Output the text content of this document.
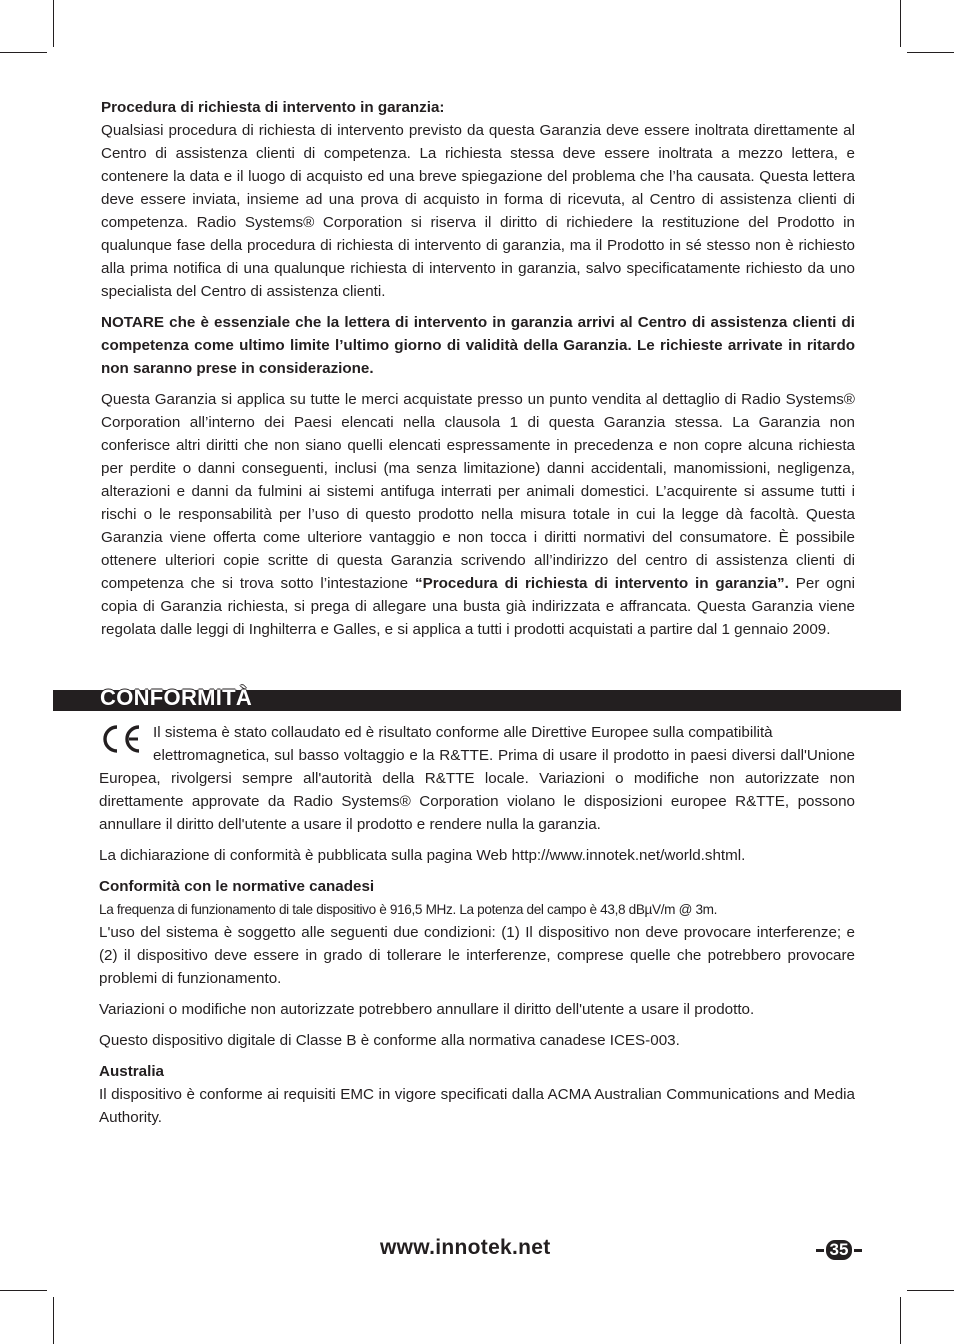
Procedura di richiesta di intervento in garanzia:

Qualsiasi procedura di richiesta di intervento previsto da questa Garanzia deve essere inoltrata direttamente al Centro di assistenza clienti di competenza. La richiesta stessa deve essere inoltrata a mezzo lettera, e contenere la data e il luogo di acquisto ed una breve spiegazione del problema che l’ha causata. Questa lettera deve essere inviata, insieme ad una prova di acquisto in forma di ricevuta, al Centro di assistenza clienti di competenza. Radio Systems® Corporation si riserva il diritto di richiedere la restituzione del Prodotto in qualunque fase della procedura di richiesta di intervento di garanzia, ma il Prodotto in sé stesso non è richiesto alla prima notifica di una qualunque richiesta di intervento in garanzia, salvo specificatamente richiesto da uno specialista del Centro di assistenza clienti.

NOTARE che è essenziale che la lettera di intervento in garanzia arrivi al Centro di assistenza clienti di competenza come ultimo limite l’ultimo giorno di validità della Garanzia. Le richieste arrivate in ritardo non saranno prese in considerazione.

Questa Garanzia si applica su tutte le merci acquistate presso un punto vendita al dettaglio di Radio Systems® Corporation all’interno dei Paesi elencati nella clausola 1 di questa Garanzia stessa. La Garanzia non conferisce altri diritti che non siano quelli elencati espressamente in precedenza e non copre alcuna richiesta per perdite o danni conseguenti, inclusi (ma senza limitazione) danni accidentali, manomissioni, negligenza, alterazioni e danni da fulmini ai sistemi antifuga interrati per animali domestici. L’acquirente si assume tutti i rischi o le responsabilità per l’uso di questo prodotto nella misura totale in cui la legge dà facoltà. Questa Garanzia viene offerta come ulteriore vantaggio e non tocca i diritti normativi del consumatore. È possibile ottenere ulteriori copie scritte di questa Garanzia scrivendo all’indirizzo del centro di assistenza clienti di competenza che si trova sotto l’intestazione “Procedura di richiesta di intervento in garanzia”. Per ogni copia di Garanzia richiesta, si prega di allegare una busta già indirizzata e affrancata. Questa Garanzia viene regolata dalle leggi di Inghilterra e Galles, e si applica a tutti i prodotti acquistati a partire dal 1 gennaio 2009.

CONFORMITÀ

Il sistema è stato collaudato ed è risultato conforme alle Direttive Europee sulla compatibilità

elettromagnetica, sul basso voltaggio e la R&TTE. Prima di usare il prodotto in paesi diversi dall'Unione Europea, rivolgersi sempre all'autorità della R&TTE locale. Variazioni o modifiche non autorizzate non direttamente approvate da Radio Systems® Corporation violano le disposizioni europee R&TTE, possono annullare il diritto dell'utente a usare il prodotto e rendere nulla la garanzia.

La dichiarazione di conformità è pubblicata sulla pagina Web http://www.innotek.net/world.shtml.

Conformità con le normative canadesi

La frequenza di funzionamento di tale dispositivo è 916,5 MHz. La potenza del campo è 43,8 dBµV/m @ 3m.

L'uso del sistema è soggetto alle seguenti due condizioni: (1) Il dispositivo non deve provocare interferenze; e (2) il dispositivo deve essere in grado di tollerare le interferenze, comprese quelle che potrebbero provocare problemi di funzionamento.

Variazioni o modifiche non autorizzate potrebbero annullare il diritto dell'utente a usare il prodotto.

Questo dispositivo digitale di Classe B è conforme alla normativa canadese ICES-003.

Australia

Il dispositivo è conforme ai requisiti EMC in vigore specificati dalla ACMA Australian Communications and Media Authority.

www.innotek.net	35
